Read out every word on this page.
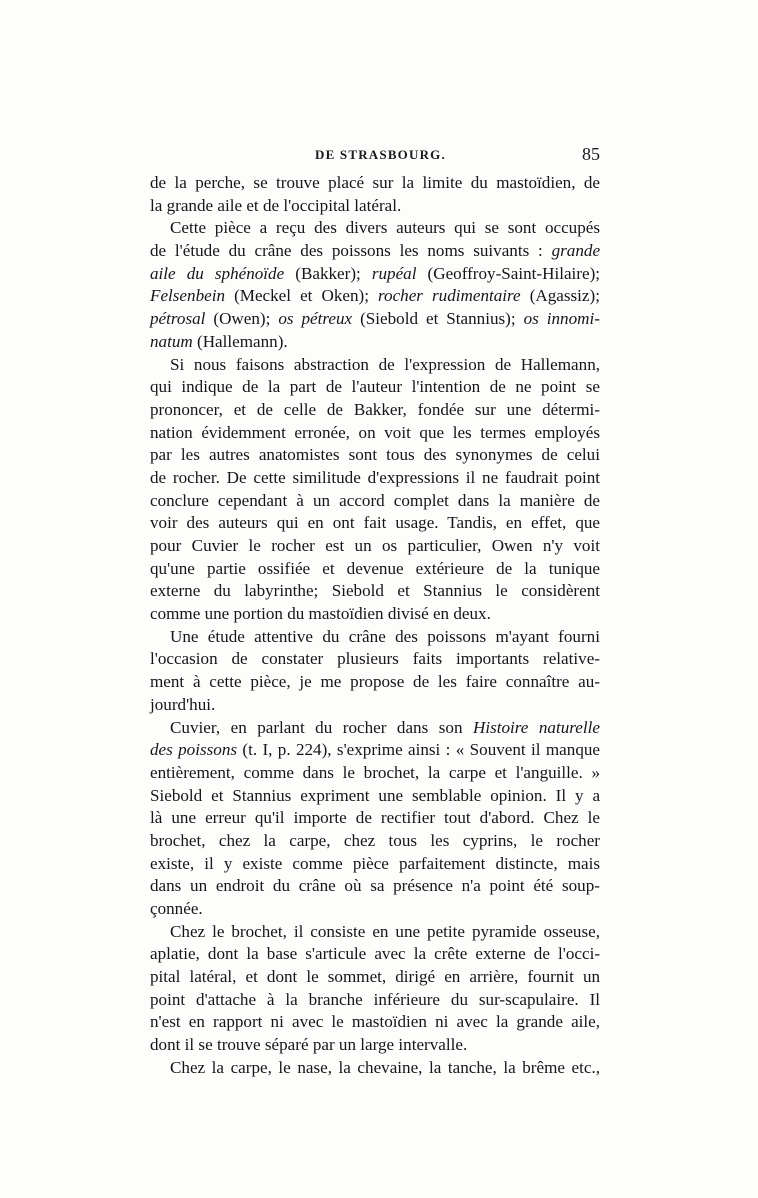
DE STRASBOURG.	85
de la perche, se trouve placé sur la limite du mastoïdien, de
la grande aile et de l'occipital latéral.
Cette pièce a reçu des divers auteurs qui se sont occupés
de l'étude du crâne des poissons les noms suivants : grande
aile du sphénoïde (Bakker); rupéal (Geoffroy-Saint-Hilaire);
Felsenbein (Meckel et Oken); rocher rudimentaire (Agassiz);
pétrosal (Owen); os pétreux (Siebold et Stannius); os innomi-
natum (Hallemann).
Si nous faisons abstraction de l'expression de Hallemann,
qui indique de la part de l'auteur l'intention de ne point se
prononcer, et de celle de Bakker, fondée sur une détermi-
nation évidemment erronée, on voit que les termes employés
par les autres anatomistes sont tous des synonymes de celui
de rocher. De cette similitude d'expressions il ne faudrait point
conclure cependant à un accord complet dans la manière de
voir des auteurs qui en ont fait usage. Tandis, en effet, que
pour Cuvier le rocher est un os particulier, Owen n'y voit
qu'une partie ossifiée et devenue extérieure de la tunique
externe du labyrinthe; Siebold et Stannius le considèrent
comme une portion du mastoïdien divisé en deux.
Une étude attentive du crâne des poissons m'ayant fourni
l'occasion de constater plusieurs faits importants relative-
ment à cette pièce, je me propose de les faire connaître au-
jourd'hui.
Cuvier, en parlant du rocher dans son Histoire naturelle
des poissons (t. I, p. 224), s'exprime ainsi : « Souvent il manque
entièrement, comme dans le brochet, la carpe et l'anguille. »
Siebold et Stannius expriment une semblable opinion. Il y a
là une erreur qu'il importe de rectifier tout d'abord. Chez le
brochet, chez la carpe, chez tous les cyprins, le rocher
existe, il y existe comme pièce parfaitement distincte, mais
dans un endroit du crâne où sa présence n'a point été soup-
çonnée.
Chez le brochet, il consiste en une petite pyramide osseuse,
aplatie, dont la base s'articule avec la crête externe de l'occi-
pital latéral, et dont le sommet, dirigé en arrière, fournit un
point d'attache à la branche inférieure du sur-scapulaire. Il
n'est en rapport ni avec le mastoïdien ni avec la grande aile,
dont il se trouve séparé par un large intervalle.
Chez la carpe, le nase, la chevaine, la tanche, la brême etc.,
